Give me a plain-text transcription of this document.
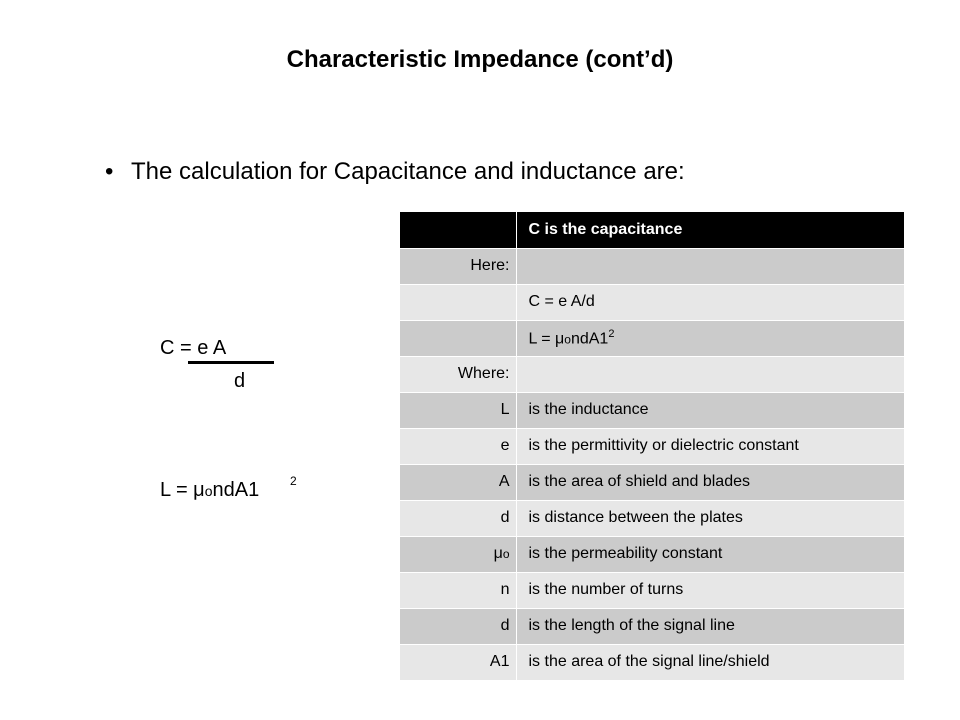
Characteristic Impedance (cont’d)
• The calculation for Capacitance and inductance are:
C = e A
d
L = μondA1	2
	C is the capacitance
Here:	
	C = e A/d
	$L = \mu ondA1^2$
Where:	
L	is the inductance
e	is the permittivity or dielectric constant
A	is the area of shield and blades
d	is distance between the plates
μo	is the permeability constant
n	is the number of turns
d	is the length of the signal line
A1	is the area of the signal line/shield
